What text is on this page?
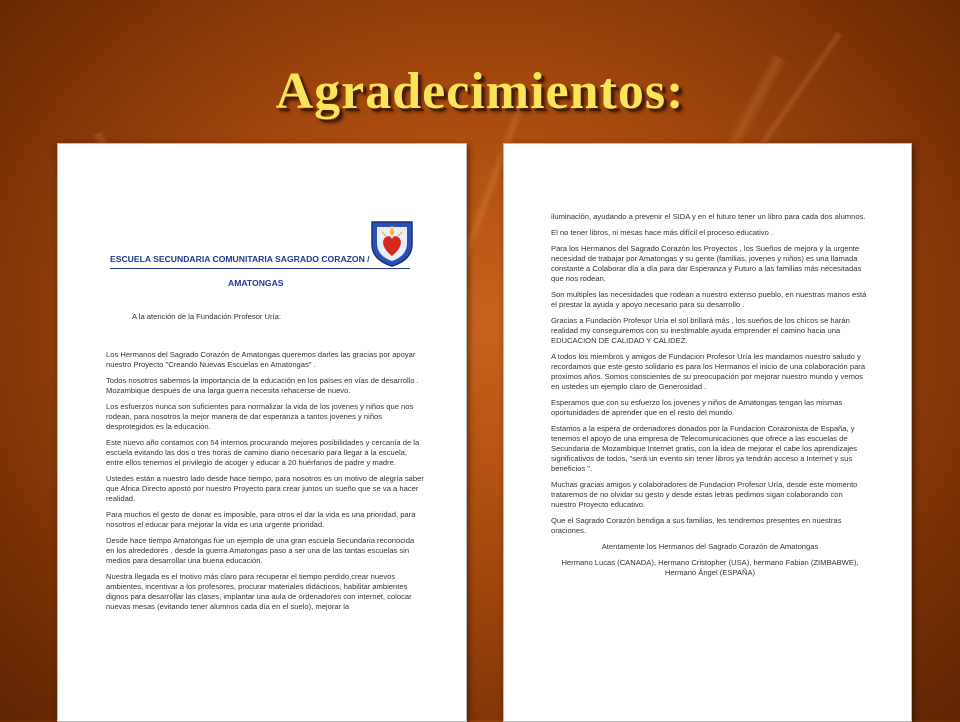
Agradecimientos:
ESCUELA SECUNDARIA COMUNITARIA SAGRADO CORAZON /
AMATONGAS
A la atención de la Fundación Profesor Uría:

Los Hermanos del Sagrado Corazón de Amatongas queremos darles las gracias por apoyar nuestro Proyecto "Creando Nuevas Escuelas en Amatongas" .

Todos nosotros sabemos la importancia de la educación en los países en vías de desarrollo . Mozambique después de una larga guerra necesita rehacerse de nuevo.

Los esfuerzos nunca son suficientes para normalizar la vida de los jovenes y niños que nos rodean, para nosotros la mejor manera de dar esperanza a tantos jovenes y niños desprotegidos es la educación.

Este nuevo año contamos con 54 internos procurando mejores posibilidades y cercanía de la escuela evitando las dos o tres horas de camino diario necesario para llegar a la escuela, entre ellos tenemos el privilegio de acoger y educar a 20 huérfanos de padre y madre.

Ustedes están a nuestro lado desde hace tiempo, para nosotros es un motivo de alegría saber que Africa Directo apostó por nuestro Proyecto para crear juntos un sueño que se va a hacer realidad.

Para muchos el gesto de donar es imposible, para otros el dar la vida es una prioridad, para nosotros el educar para mejorar la vida es una urgente prioridad.

Desde hace tiempo Amatongas fue un ejemplo de una gran escuela Secundaria reconocida en los alrededores , desde la guerra Amatongas paso a ser una de las tantas escuelas sin medios para desarrollar una buena educación.

Nuestra llegada es el motivo más claro para recuperar el tiempo perdido,crear nuevos ambientes, incentivar a los profesores, procurar materiales didácticos, habilitar ambientes dignos para desarrollar las clases, implantar una aula de ordenadores con internet, colocar nuevas mesas (evitando tener alumnos cada día en el suelo), mejorar la

iluminación, ayudando a prevenir el SIDA y en el futuro tener un libro para cada dos alumnos.

El no tener libros, ni mesas hace más difícil el proceso educativo .

Para los Hermanos del Sagrado Corazón los Proyectos , los Sueños de mejora y la urgente necesidad de trabajar por Amatongas y su gente (familias, jovenes y niños) es una llamada constante a Colaborar día a día para dar Esperanza y Futuro a las familias más necesitadas que nos rodean.

Son multiples las necesidades que rodean a nuestro extenso pueblo, en nuestras manos está el prestar la ayuda y apoyo necesario para su desarrollo .

Gracias a Fundación Profesor Uría el sol brillará más , los sueños de los chicos se harán realidad my conseguiremos con su inestimable ayuda emprender el camino hacia una EDUCACION DE CALIDAD Y CALIDEZ.

A todos los miembros y amigos de Fundacion Profesor Uría les mandamos nuestro saludo y recordamos que este gesto solidario es para los Hermanos el inicio de una colaboración para proximos años. Somos conscientes de su preocupación por mejorar nuestro mundo y vemos en ustedes un ejemplo claro de Generosidad .

Esperamos que con su esfuerzo los jovenes y niños de Amatongas tengan las mismas oportunidades de aprender que en el resto del mundo.

Estamos a la espera de ordenadores donados por la Fundacion Corazonista de España, y tenemos el apoyo de una empresa de Telecomunicaciones que ofrece a las escuelas de Secundaria de Mozambique Internet gratis, con la idea de mejorar el cabe los aprendizajes significativos de todos, "será un evento sin tener libros ya tendrán acceso a Internet y sus beneficios ".

Muchas gracias amigos y colaboradores de Fundacion Profesor Uría, desde este momento trataremos de no olvidar su gesto y desde estas letras pedimos sigan colaborando con nuestro Proyecto educativo.

Que el Sagrado Corazón bendiga a sus familias, les tendremos presentes en nuestras oraciones.

Atentamente los Hermanos del Sagrado Corazón de Amatongas

Hermano Lucas (CANADA), Hermano Cristopher (USA), hermano Fabian (ZIMBABWE), Hermano Ángel (ESPAÑA)
